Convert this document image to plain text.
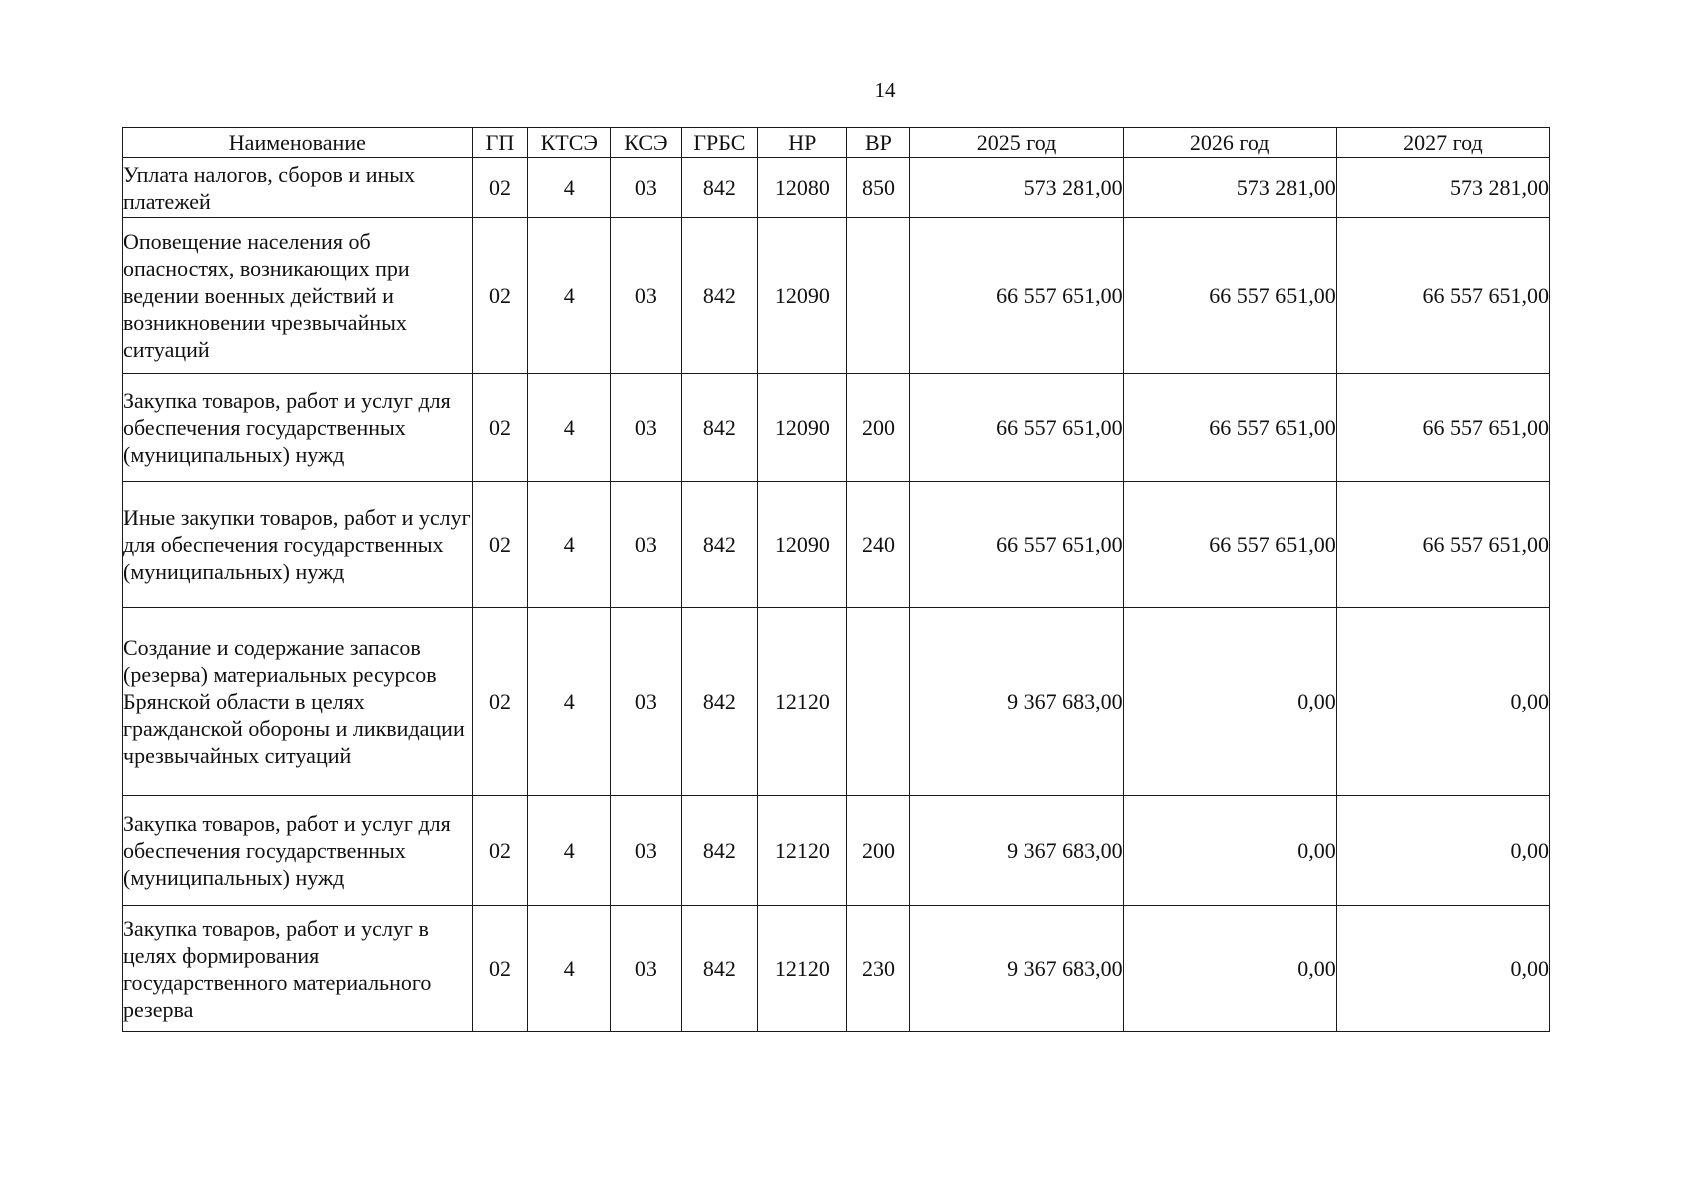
14
Наименование	ГП	КТСЭ	КСЭ	ГРБС	НР	ВР	2025 год	2026 год	2027 год
Уплата налогов, сборов и иных платежей	02	4	03	842	12080	850	573 281,00	573 281,00	573 281,00
Оповещение населения об опасностях, возникающих при ведении военных действий и возникновении чрезвычайных ситуаций	02	4	03	842	12090		66 557 651,00	66 557 651,00	66 557 651,00
Закупка товаров, работ и услуг для обеспечения государственных (муниципальных) нужд	02	4	03	842	12090	200	66 557 651,00	66 557 651,00	66 557 651,00
Иные закупки товаров, работ и услуг для обеспечения государственных (муниципальных) нужд	02	4	03	842	12090	240	66 557 651,00	66 557 651,00	66 557 651,00
Создание и содержание запасов (резерва) материальных ресурсов Брянской области в целях гражданской обороны и ликвидации чрезвычайных ситуаций	02	4	03	842	12120		9 367 683,00	0,00	0,00
Закупка товаров, работ и услуг для обеспечения государственных (муниципальных) нужд	02	4	03	842	12120	200	9 367 683,00	0,00	0,00
Закупка товаров, работ и услуг в целях формирования государственного материального резерва	02	4	03	842	12120	230	9 367 683,00	0,00	0,00
